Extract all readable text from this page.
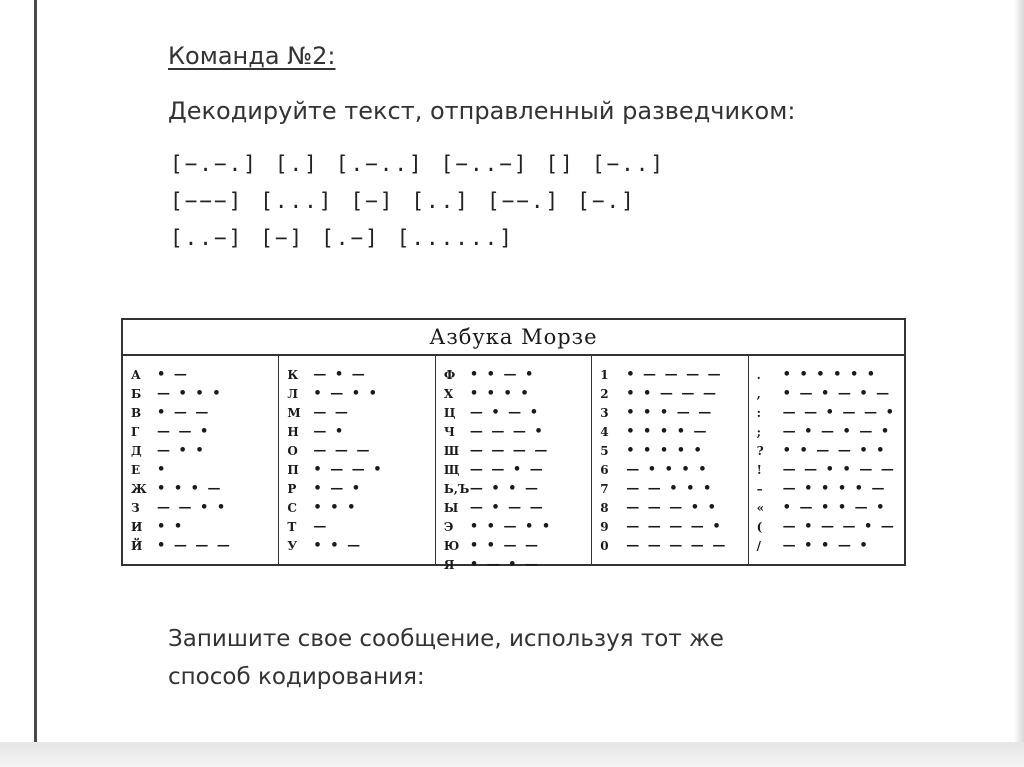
Команда №2:
Декодируйте текст, отправленный разведчиком:
[−.−.] [.] [.−..] [−..−] [] [−..]
[−−−] [...] [−] [..] [−−.] [−.]
[..−] [−] [.−] [......]
Азбука Морзе
А	• —
Б	— • • •
В	• — —
Г	— — •
Д	— • •
Е	•
Ж • • • —
З	— — • •
И	• •
Й	• — — —
К	— • —
Л	• — • •
М — —
Н	— •
О	— — —
П	• — — •
Р	• — •
С	• • •
Т	—
У	• • —
Ф	• • — •
Х	• • • •
Ц	— • — •
Ч	— — — •
Ш — — — —
Щ — — • —
Ь,Ъ — • • —
Ы — • — —
Э	• • — • •
Ю • • — —
Я	• — • —
1	• — — — —
2	• • — — —
3	• • • — —
4	• • • • —
5	• • • • •
6	— • • • •
7	— — • • •
8	— — — • •
9	— — — — •
0	— — — — —
.	• • • • • •
,	• — • — • —
:	— — • — — •
;	— • — • — •
?	• • — — • •
!	— — • • — —
–	— • • • • —
«	• — • • — •
(	— • — — • —
/	— • • — •
Запишите свое сообщение, используя тот же
способ кодирования:
